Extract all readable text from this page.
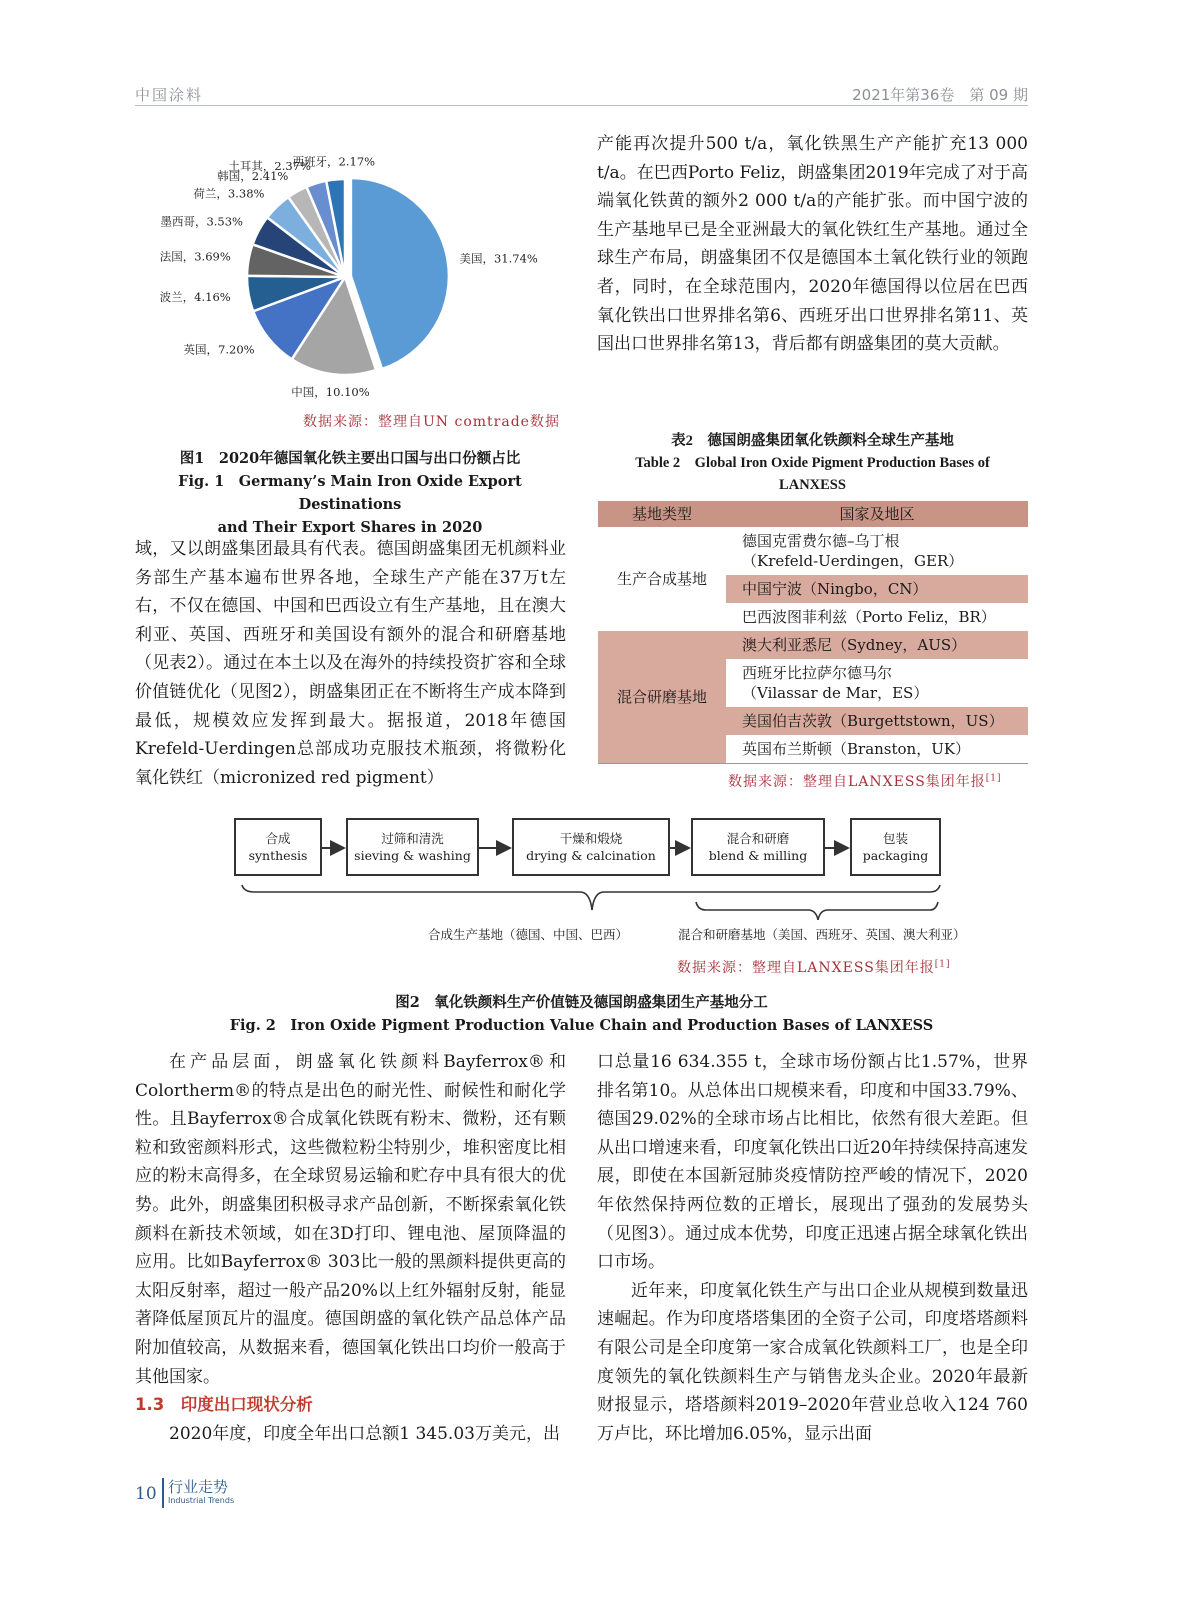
中国涂料	2021年第36卷　第 09 期
美国，31.74%
中国，10.10%
英国，7.20%
波兰，4.16%
法国，3.69%
墨西哥，3.53%
荷兰，3.38%
韩国，2.41%
土耳其，2.37%
西班牙，2.17%
数据来源：整理自UN comtrade数据
图1　2020年德国氧化铁主要出口国与出口份额占比
Fig. 1　Germany’s Main Iron Oxide Export Destinations
and Their Export Shares in 2020

域，又以朗盛集团最具有代表。德国朗盛集团无机颜料业务部生产基本遍布世界各地，全球生产产能在37万t左右，不仅在德国、中国和巴西设立有生产基地，且在澳大利亚、英国、西班牙和美国设有额外的混合和研磨基地（见表2）。通过在本土以及在海外的持续投资扩容和全球价值链优化（见图2），朗盛集团正在不断将生产成本降到最低，规模效应发挥到最大。据报道，2018年德国Krefeld-Uerdingen总部成功克服技术瓶颈，将微粉化氧化铁红（micronized red pigment）

产能再次提升500 t/a，氧化铁黑生产产能扩充13 000 t/a。在巴西Porto Feliz，朗盛集团2019年完成了对于高端氧化铁黄的额外2 000 t/a的产能扩张。而中国宁波的生产基地早已是全亚洲最大的氧化铁红生产基地。通过全球生产布局，朗盛集团不仅是德国本土氧化铁行业的领跑者，同时，在全球范围内，2020年德国得以位居在巴西氧化铁出口世界排名第6、西班牙出口世界排名第11、英国出口世界排名第13，背后都有朗盛集团的莫大贡献。

表2　德国朗盛集团氧化铁颜料全球生产基地
Table 2　Global Iron Oxide Pigment Production Bases of
LANXESS
基地类型	国家及地区
生产合成基地	德国克雷费尔德–乌丁根
（Krefeld-Uerdingen，GER）

	中国宁波（Ningbo，CN）
	巴西波图菲利兹（Porto Feliz，BR）
混合研磨基地	澳大利亚悉尼（Sydney，AUS）

	西班牙比拉萨尔德马尔
（Vilassar de Mar，ES）

	美国伯吉茨敦（Burgettstown，US）
	英国布兰斯顿（Branston，UK）
数据来源：整理自LANXESS集团年报[1]
合成
synthesis
过筛和清洗
sieving & washing
干燥和煅烧
drying & calcination
混合和研磨
blend & milling
包装
packaging
合成生产基地（德国、中国、巴西）	混合和研磨基地（美国、西班牙、英国、澳大利亚）
数据来源：整理自LANXESS集团年报[1]
图2　氧化铁颜料生产价值链及德国朗盛集团生产基地分工
Fig. 2　Iron Oxide Pigment Production Value Chain and Production Bases of LANXESS

在产品层面，朗盛氧化铁颜料Bayferrox®和Colortherm®的特点是出色的耐光性、耐候性和耐化学性。且Bayferrox®合成氧化铁既有粉末、微粉，还有颗粒和致密颜料形式，这些微粒粉尘特别少，堆积密度比相应的粉末高得多，在全球贸易运输和贮存中具有很大的优势。此外，朗盛集团积极寻求产品创新，不断探索氧化铁颜料在新技术领域，如在3D打印、锂电池、屋顶降温的应用。比如Bayferrox® 303比一般的黑颜料提供更高的太阳反射率，超过一般产品20%以上红外辐射反射，能显著降低屋顶瓦片的温度。德国朗盛的氧化铁产品总体产品附加值较高，从数据来看，德国氧化铁出口均价一般高于其他国家。

1.3　印度出口现状分析

2020年度，印度全年出口总额1 345.03万美元，出

口总量16 634.355 t，全球市场份额占比1.57%，世界排名第10。从总体出口规模来看，印度和中国33.79%、德国29.02%的全球市场占比相比，依然有很大差距。但从出口增速来看，印度氧化铁出口近20年持续保持高速发展，即使在本国新冠肺炎疫情防控严峻的情况下，2020年依然保持两位数的正增长，展现出了强劲的发展势头（见图3）。通过成本优势，印度正迅速占据全球氧化铁出口市场。

近年来，印度氧化铁生产与出口企业从规模到数量迅速崛起。作为印度塔塔集团的全资子公司，印度塔塔颜料有限公司是全印度第一家合成氧化铁颜料工厂，也是全印度领先的氧化铁颜料生产与销售龙头企业。2020年最新财报显示，塔塔颜料2019–2020年营业总收入124 760万卢比，环比增加6.05%，显示出面

10 行业走势
Industrial Trends
